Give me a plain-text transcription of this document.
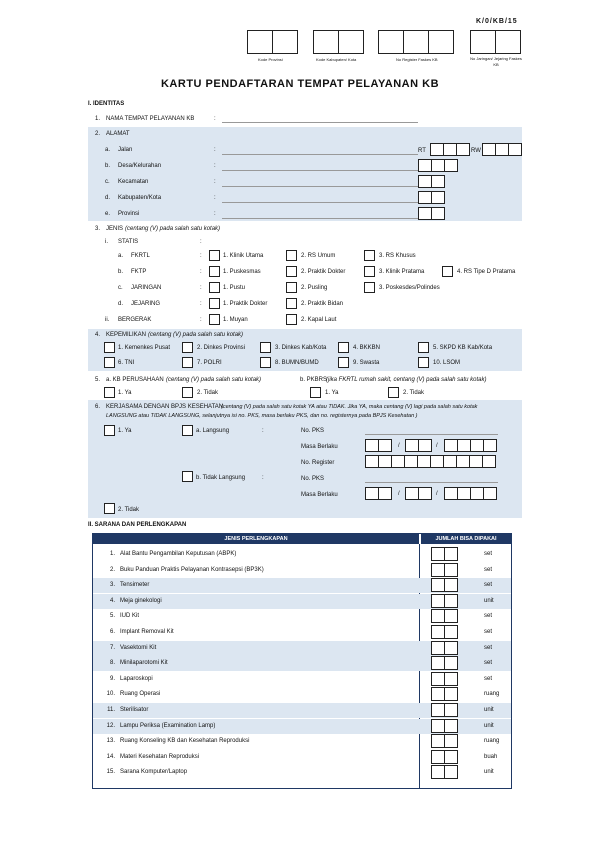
K/0/KB/15
Kode Provinsi	Kode Kabupaten/ Kota	No Register Faskes KB	No Jaringan/ Jejaring Faskes KB
KARTU PENDAFTARAN TEMPAT PELAYANAN KB
I. IDENTITAS
1. NAMA TEMPAT PELAYANAN KB	:
2. ALAMAT
a. Jalan	:	RT	RW
b. Desa/Kelurahan	:
c. Kecamatan	:
d. Kabupaten/Kota	:
e. Provinsi	:
3. JENIS (centang (V) pada salah satu kotak)
i. STATIS	:
a. FKRTL	:	1. Klinik Utama	2. RS Umum	3. RS Khusus
b. FKTP	:	1. Puskesmas	2. Praktik Dokter	3. Klinik Pratama	4. RS Tipe D Pratama
c. JARINGAN	:	1. Pustu	2. Pusling	3. Poskesdes/Polindes
d. JEJARING	:	1. Praktik Dokter	2. Praktik Bidan
ii. BERGERAK	:	1. Muyan	2. Kapal Laut
4. KEPEMILIKAN (centang (V) pada salah satu kotak)
1. Kemenkes Pusat	2. Dinkes Provinsi	3. Dinkes Kab/Kota	4. BKKBN	5. SKPD KB Kab/Kota
6. TNI	7. POLRI	8. BUMN/BUMD	9. Swasta	10. LSOM
5. a. KB PERUSAHAAN (centang (V) pada salah satu kotak)	b. PKBRS
(jika FKRTL rumah sakit, centang (V) pada salah satu kotak)
1. Ya	2. Tidak	1. Ya	2. Tidak
6. KERJASAMA DENGAN BPJS KESEHATAN
(centang (V) pada salah satu kotak YA atau TIDAK. Jika YA, maka centang (V) lagi pada salah satu kotak
LANGSUNG atau TIDAK LANGSUNG, selanjutnya isi no. PKS, masa berlaku PKS, dan no. registernya pada BPJS Kesehatan )
1. Ya	a. Langsung	:	No. PKS
Masa Berlaku	/	/
No. Register
b. Tidak Langsung	:	No. PKS
Masa Berlaku	/	/
2. Tidak
II. SARANA DAN PERLENGKAPAN
JENIS PERLENGKAPAN	JUMLAH BISA DIPAKAI
1. Alat Bantu Pengambilan Keputusan (ABPK)	set
2. Buku Panduan Praktis Pelayanan Kontrasepsi (BP3K)	set
3. Tensimeter	set
4. Meja ginekologi	unit
5. IUD Kit	set
6. Implant Removal Kit	set
7. Vasektomi Kit	set
8. Minilaparotomi Kit	set
9. Laparoskopi	set
10. Ruang Operasi	ruang
11. Sterilisator	unit
12. Lampu Periksa (Examination Lamp)	unit
13. Ruang Konseling KB dan Kesehatan Reproduksi	ruang
14. Materi Kesehatan Reproduksi	buah
15. Sarana Komputer/Laptop	unit
